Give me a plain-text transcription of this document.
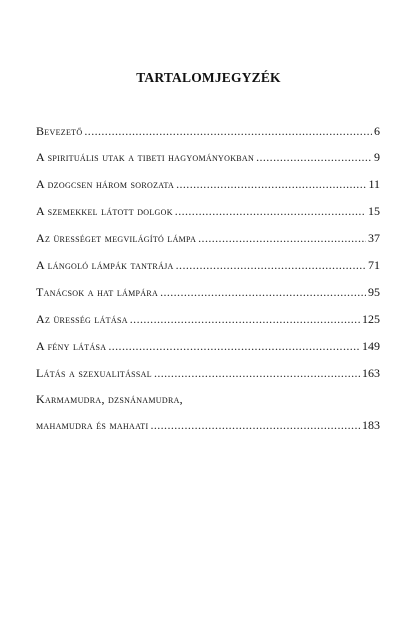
TARTALOMJEGYZÉK
Bevezető .....	6
A spirituális utak a tibeti hagyományokban .....	9
A dzogcsen három sorozata .....	11
A szemekkel látott dolgok .....	15
Az ürességet megvilágító lámpa .....	37
A lángoló lámpák tantrája .....	71
Tanácsok a hat lámpára .....	95
Az üresség látása .....	125
A fény látása .....	149
Látás a szexualitással .....	163
Karmamudra, dzsnánamudra,
mahamudra és mahaati .....	183
